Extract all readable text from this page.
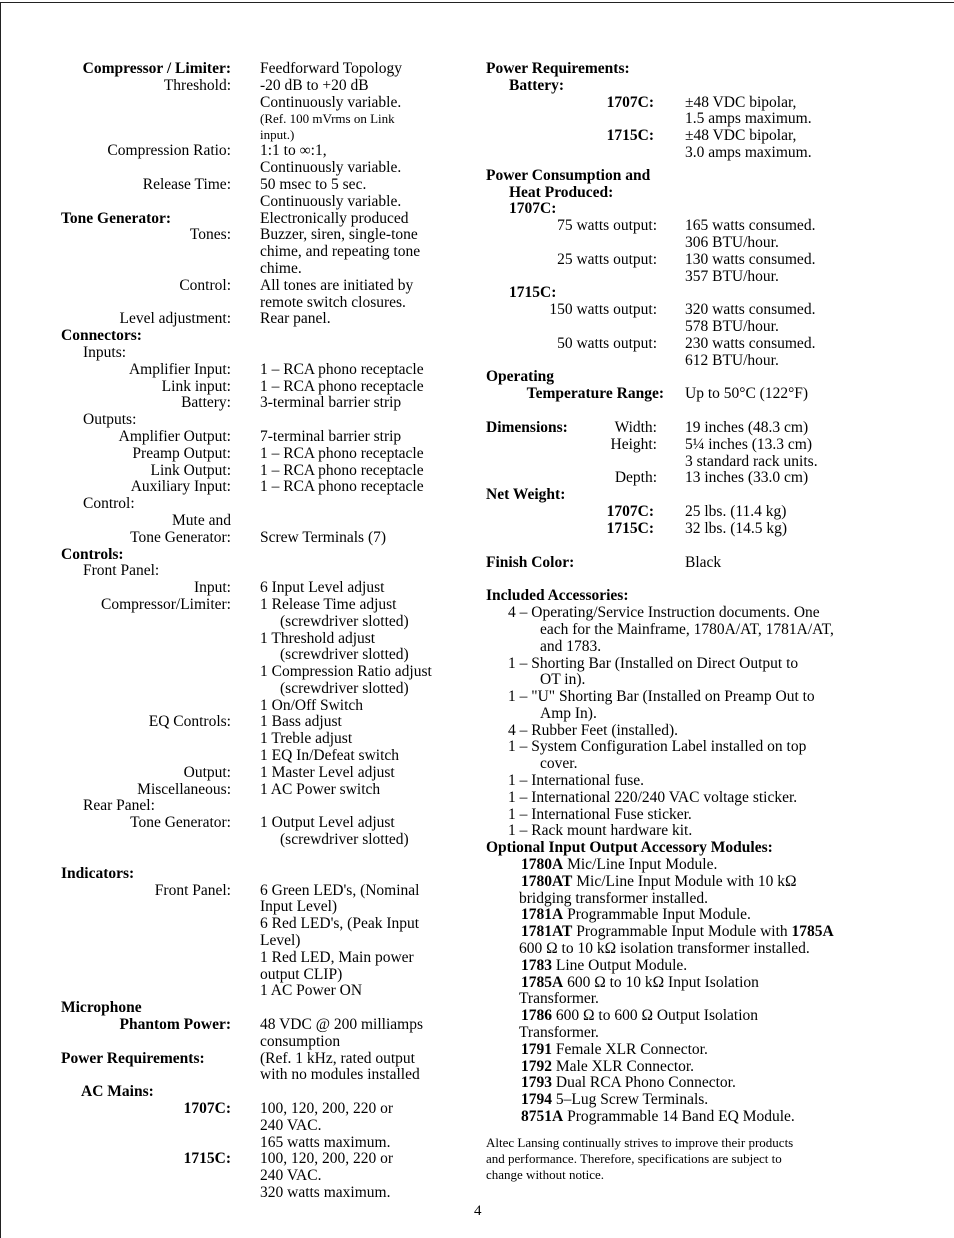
Compressor / Limiter: Feedforward Topology
Threshold: -20 dB to +20 dB
Continuously variable.
(Ref. 100 mVrms on Link
input.)
Compression Ratio: 1:1 to ∞:1,
Continuously variable.
Release Time: 50 msec to 5 sec.
Continuously variable.
Tone Generator:	Electronically produced
Tones: Buzzer, siren, single-tone
chime, and repeating tone
chime.
Control: All tones are initiated by
remote switch closures.
Level adjustment: Rear panel.
Connectors:
Inputs:
Amplifier Input: 1 – RCA phono receptacle
Link input: 1 – RCA phono receptacle
Battery: 3-terminal barrier strip
Outputs:
Amplifier Output: 7-terminal barrier strip
Preamp Output: 1 – RCA phono receptacle
Link Output: 1 – RCA phono receptacle
Auxiliary Input: 1 – RCA phono receptacle
Control:
Mute and
Tone Generator: Screw Terminals (7)
Controls:
Front Panel:
Input: 6 Input Level adjust
Compressor/Limiter: 1 Release Time adjust
(screwdriver slotted)
1 Threshold adjust
(screwdriver slotted)
1 Compression Ratio adjust
(screwdriver slotted)
1 On/Off Switch
EQ Controls: 1 Bass adjust
1 Treble adjust
1 EQ In/Defeat switch
Output: 1 Master Level adjust
Miscellaneous: 1 AC Power switch
Rear Panel:
Tone Generator: 1 Output Level adjust
(screwdriver slotted)
Indicators:
Front Panel: 6 Green LED's, (Nominal
Input Level)
6 Red LED's, (Peak Input
Level)
1 Red LED, Main power
output CLIP)
1 AC Power ON
Microphone
Phantom Power: 48 VDC @ 200 milliamps
consumption
Power Requirements:	(Ref. 1 kHz, rated output
with no modules installed
AC Mains:
1707C: 100, 120, 200, 220 or
240 VAC.
165 watts maximum.
1715C: 100, 120, 200, 220 or
240 VAC.
320 watts maximum.
Power Requirements:
Battery:
1707C: ±48 VDC bipolar,
1.5 amps maximum.
1715C: ±48 VDC bipolar,
3.0 amps maximum.
Power Consumption and
Heat Produced:
1707C:
75 watts output: 165 watts consumed.
306 BTU/hour.
25 watts output: 130 watts consumed.
357 BTU/hour.
1715C:
150 watts output: 320 watts consumed.
578 BTU/hour.
50 watts output: 230 watts consumed.
612 BTU/hour.
Operating
Temperature Range: Up to 50°C (122°F)
Width: 19 inches (48.3 cm)
Dimensions:
Height: 5¼ inches (13.3 cm)
3 standard rack units.
Depth: 13 inches (33.0 cm)
Net Weight:
1707C: 25 lbs. (11.4 kg)
1715C: 32 lbs. (14.5 kg)
Black
Finish Color:
Included Accessories:
4 – Operating/Service Instruction documents. One
each for the Mainframe, 1780A/AT, 1781A/AT,
and 1783.
1 – Shorting Bar (Installed on Direct Output to
OT in).
1 – "U" Shorting Bar (Installed on Preamp Out to
Amp In).
4 – Rubber Feet (installed).
1 – System Configuration Label installed on top
cover.
1 – International fuse.
1 – International 220/240 VAC voltage sticker.
1 – International Fuse sticker.
1 – Rack mount hardware kit.
Optional Input Output Accessory Modules:
1780A Mic/Line Input Module.
1780AT Mic/Line Input Module with 10 kΩ
bridging transformer installed.
1781A Programmable Input Module.
1781AT Programmable Input Module with 1785A
600 Ω to 10 kΩ isolation transformer installed.
1783 Line Output Module.
1785A 600 Ω to 10 kΩ Input Isolation
Transformer.
1786 600 Ω to 600 Ω Output Isolation
Transformer.
1791 Female XLR Connector.
1792 Male XLR Connector.
1793 Dual RCA Phono Connector.
1794 5–Lug Screw Terminals.
8751A Programmable 14 Band EQ Module.
Altec Lansing continually strives to improve their products
and performance. Therefore, specifications are subject to
change without notice.
4
